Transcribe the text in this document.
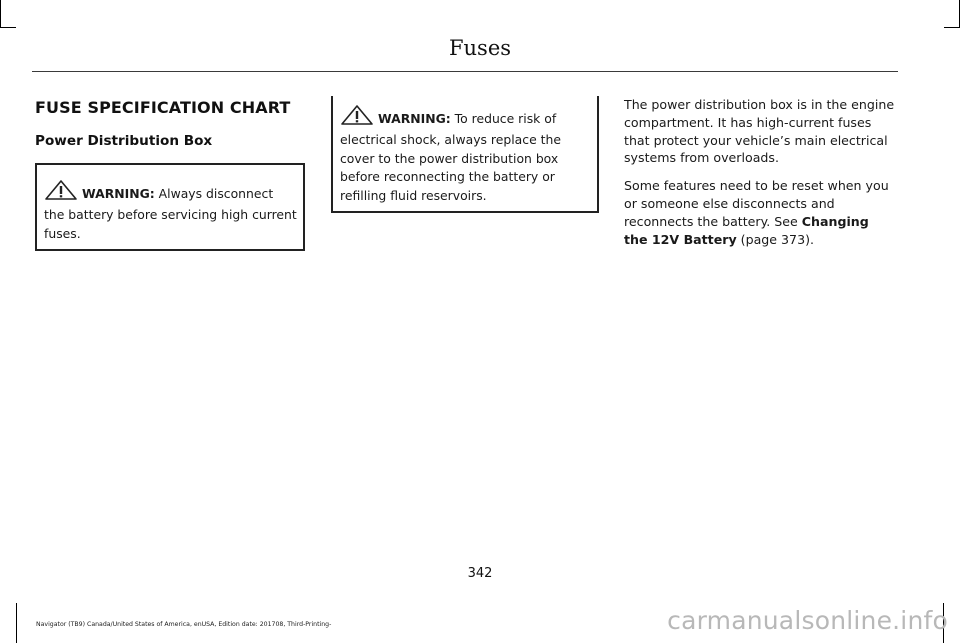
Fuses
FUSE SPECIFICATION CHART
Power Distribution Box
WARNING: Always disconnect the battery before servicing high current fuses.
WARNING: To reduce risk of electrical shock, always replace the cover to the power distribution box before reconnecting the battery or refilling fluid reservoirs.

The power distribution box is in the engine compartment. It has high-current fuses that protect your vehicle’s main electrical systems from overloads.

Some features need to be reset when you or someone else disconnects and reconnects the battery. See Changing the 12V Battery (page 373).

342
Navigator (TB9) Canada/United States of America, enUSA, Edition date: 201708, Third-Printing-	carmanualsonline.info
